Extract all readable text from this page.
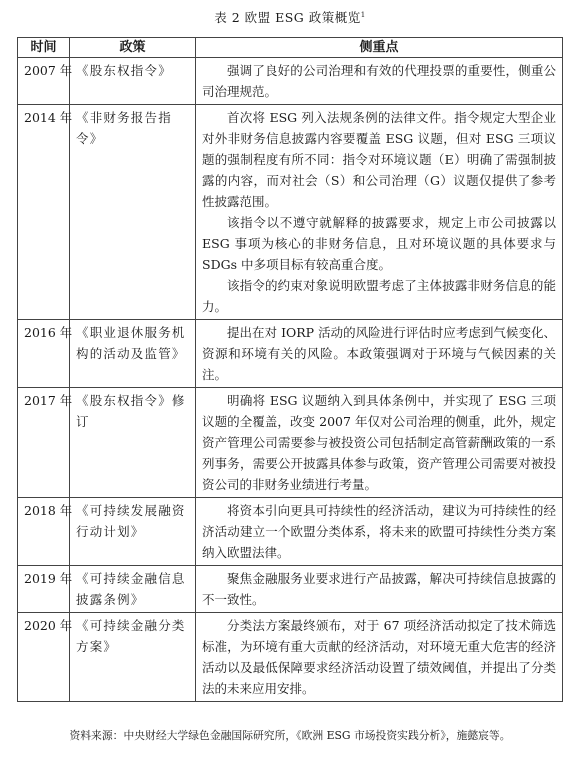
表 2 欧盟 ESG 政策概览$^1$
时间	政策	侧重点
2007 年	《股东权指令》	强调了良好的公司治理和有效的代理投票的重要性，侧重公司治理规范。

2014 年	《非财务报告指令》	首次将 ESG 列入法规条例的法律文件。指令规定大型企业对外非财务信息披露内容要覆盖 ESG 议题，但对 ESG 三项议题的强制程度有所不同：指令对环境议题（E）明确了需强制披露的内容，而对社会（S）和公司治理（G）议题仅提供了参考性披露范围。

该指令以不遵守就解释的披露要求，规定上市公司披露以 ESG 事项为核心的非财务信息，且对环境议题的具体要求与 SDGs 中多项目标有较高重合度。

该指令的约束对象说明欧盟考虑了主体披露非财务信息的能力。

2016 年	《职业退休服务机构的活动及监管》	提出在对 IORP 活动的风险进行评估时应考虑到气候变化、资源和环境有关的风险。本政策强调对于环境与气候因素的关注。

2017 年	《股东权指令》修订	明确将 ESG 议题纳入到具体条例中，并实现了 ESG 三项议题的全覆盖，改变 2007 年仅对公司治理的侧重，此外，规定资产管理公司需要参与被投资公司包括制定高管薪酬政策的一系列事务，需要公开披露具体参与政策，资产管理公司需要对被投资公司的非财务业绩进行考量。

2018 年	《可持续发展融资行动计划》	将资本引向更具可持续性的经济活动，建议为可持续性的经济活动建立一个欧盟分类体系，将未来的欧盟可持续性分类方案纳入欧盟法律。

2019 年	《可持续金融信息披露条例》	聚焦金融服务业要求进行产品披露，解决可持续信息披露的不一致性。

2020 年	《可持续金融分类方案》	分类法方案最终颁布，对于 67 项经济活动拟定了技术筛选标准，为环境有重大贡献的经济活动，对环境无重大危害的经济活动以及最低保障要求经济活动设置了绩效阈值，并提出了分类法的未来应用安排。

资料来源：中央财经大学绿色金融国际研究所，《欧洲 ESG 市场投资实践分析》，施懿宸等。
